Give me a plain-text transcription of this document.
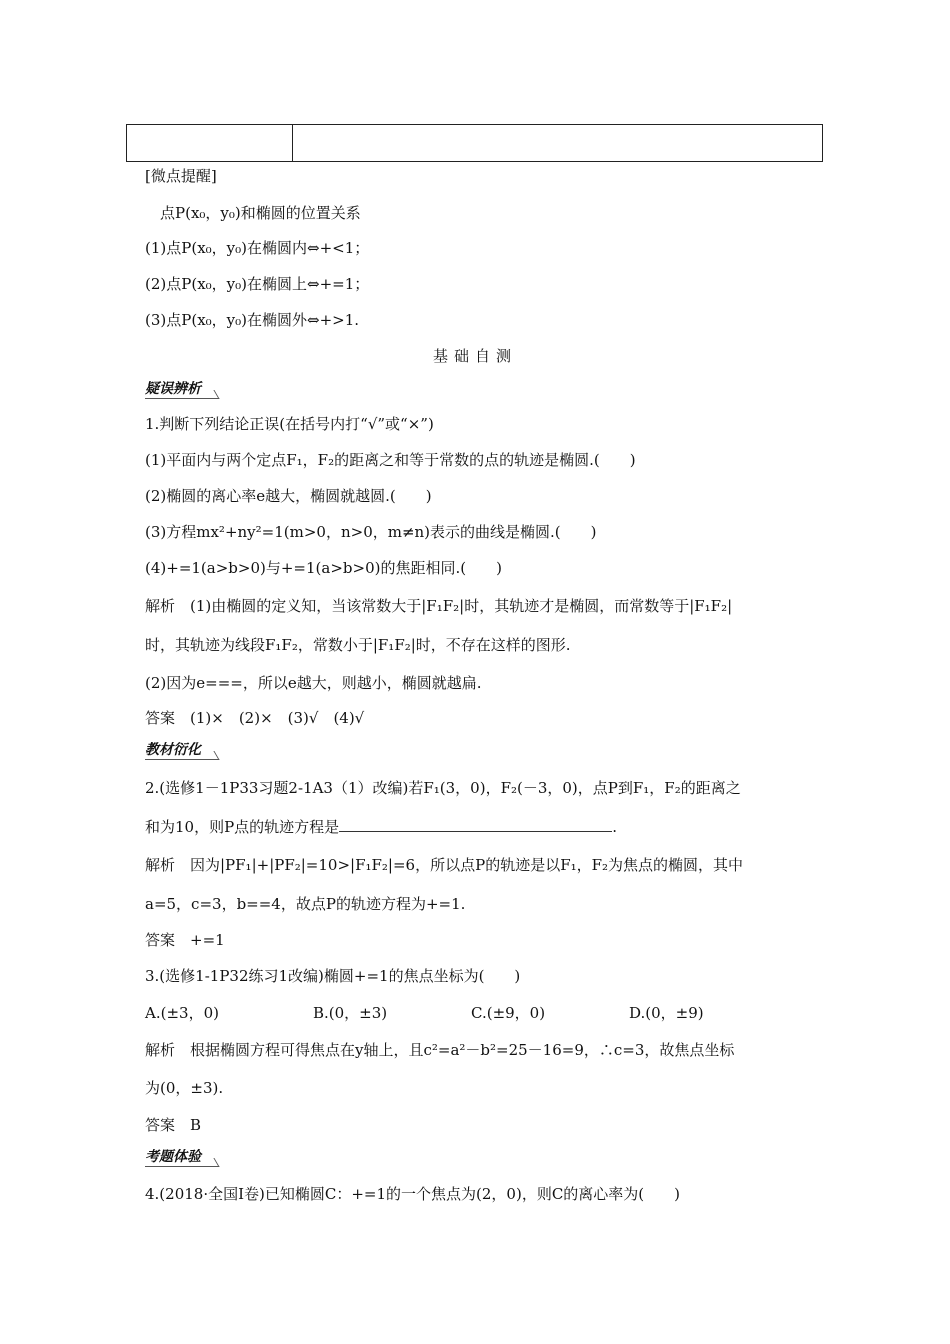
[微点提醒]
点P(x₀，y₀)和椭圆的位置关系
(1)点P(x₀，y₀)在椭圆内⇔+<1；
(2)点P(x₀，y₀)在椭圆上⇔+=1；
(3)点P(x₀，y₀)在椭圆外⇔+>1.
基础自测
疑误辨析
1.判断下列结论正误(在括号内打“√”或“×”)
(1)平面内与两个定点F₁，F₂的距离之和等于常数的点的轨迹是椭圆.(　　)
(2)椭圆的离心率e越大，椭圆就越圆.(　　)
(3)方程mx²+ny²=1(m>0，n>0，m≠n)表示的曲线是椭圆.(　　)
(4)+=1(a>b>0)与+=1(a>b>0)的焦距相同.(　　)
解析　(1)由椭圆的定义知，当该常数大于|F₁F₂|时，其轨迹才是椭圆，而常数等于|F₁F₂|
时，其轨迹为线段F₁F₂，常数小于|F₁F₂|时，不存在这样的图形.
(2)因为e===，所以e越大，则越小，椭圆就越扁.
答案　(1)×　(2)×　(3)√　(4)√
教材衍化
2.(选修1－1P33习题2-1A3（1）改编)若F₁(3，0)，F₂(－3，0)，点P到F₁，F₂的距离之
和为10，则P点的轨迹方程是	.
解析　因为|PF₁|+|PF₂|=10>|F₁F₂|=6，所以点P的轨迹是以F₁，F₂为焦点的椭圆，其中
a=5，c=3，b==4，故点P的轨迹方程为+=1.
答案　+=1
3.(选修1-1P32练习1改编)椭圆+=1的焦点坐标为(　　)
A.(±3，0)	B.(0，±3)	C.(±9，0)	D.(0，±9)
解析　根据椭圆方程可得焦点在y轴上，且c²=a²－b²=25－16=9，∴c=3，故焦点坐标
为(0，±3).
答案　B
考题体验
4.(2018·全国Ⅰ卷)已知椭圆C：+=1的一个焦点为(2，0)，则C的离心率为(　　)
